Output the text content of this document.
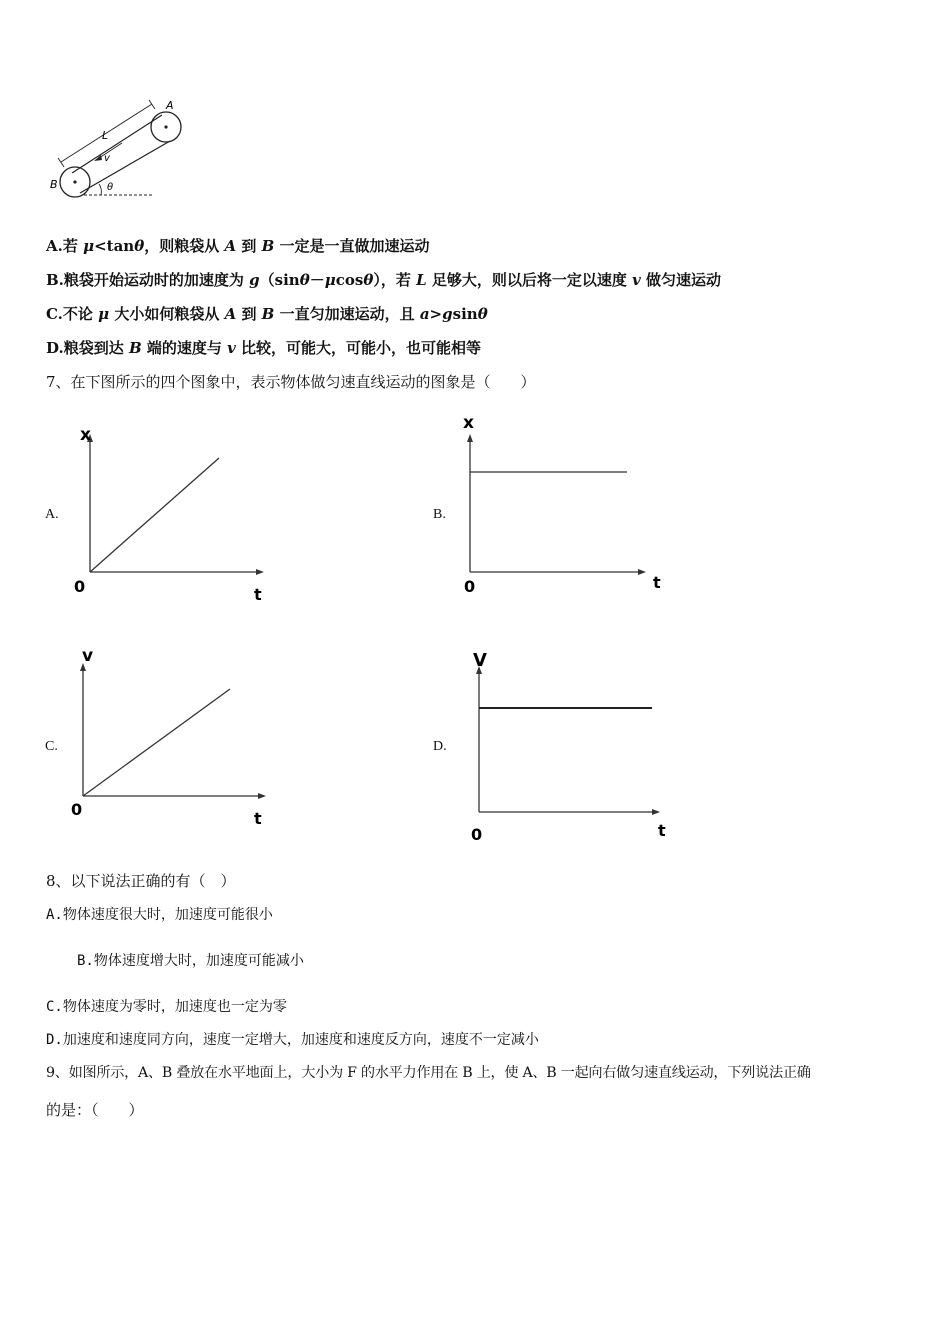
A
B
L
v
θ
A.若 μ<tanθ，则粮袋从 A 到 B 一定是一直做加速运动
B.粮袋开始运动时的加速度为 g（sinθ－μcosθ），若 L 足够大，则以后将一定以速度 v 做匀速运动
C.不论 μ 大小如何粮袋从 A 到 B 一直匀加速运动，且 a>gsinθ
D.粮袋到达 B 端的速度与 v 比较，可能大，可能小，也可能相等
7、在下图所示的四个图象中，表示物体做匀速直线运动的图象是（　　）
A.
x
0	t
B.
x
0	t
C.
v
0	t
D.
V
0	t
8、以下说法正确的有（　）
A.物体速度很大时，加速度可能很小
B.物体速度增大时，加速度可能减小
C.物体速度为零时，加速度也一定为零
D.加速度和速度同方向，速度一定增大，加速度和速度反方向，速度不一定减小
9、如图所示，A、B 叠放在水平地面上，大小为 F 的水平力作用在 B 上，使 A、B 一起向右做匀速直线运动，下列说法正确
的是：（　　）
